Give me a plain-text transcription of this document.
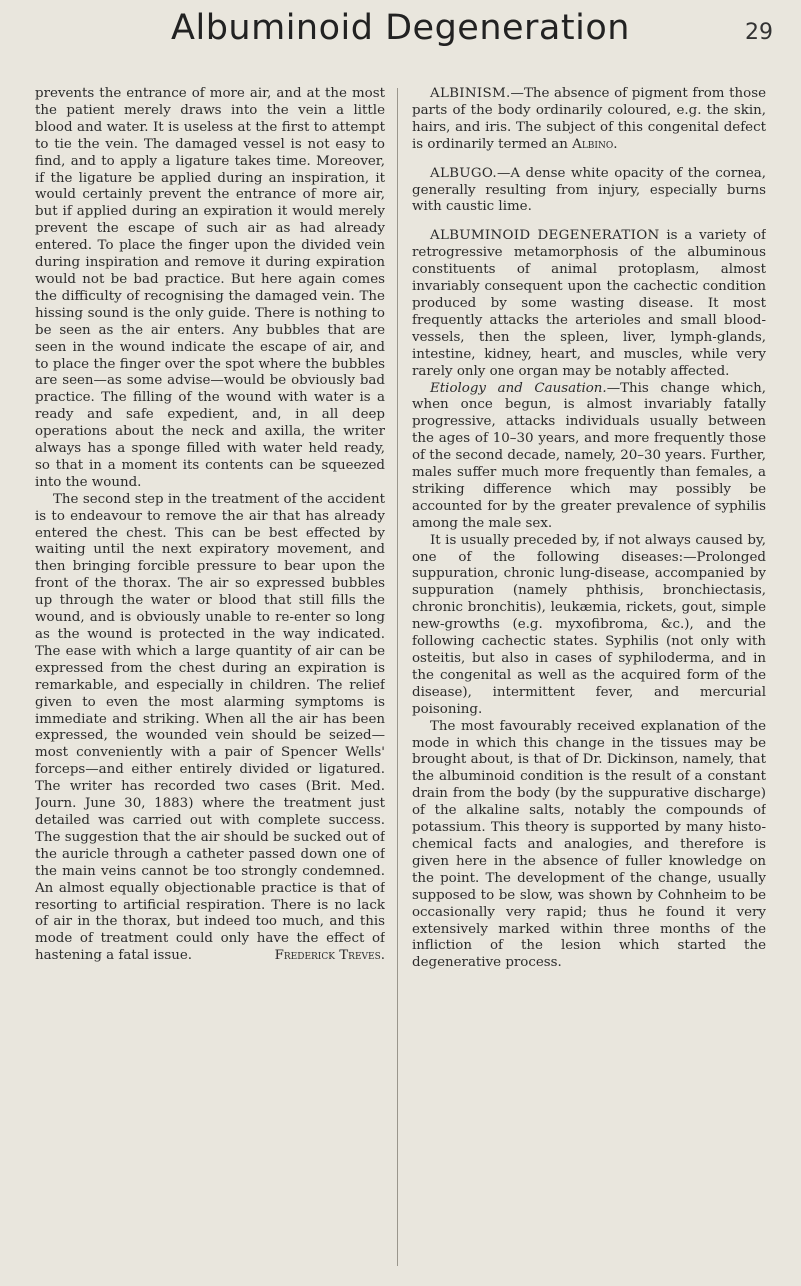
Albuminoid Degeneration	29

prevents the entrance of more air, and at the most the patient merely draws into the vein a little blood and water. It is useless at the first to attempt to tie the vein. The damaged vessel is not easy to find, and to apply a ligature takes time. Moreover, if the ligature be applied during an inspiration, it would certainly prevent the entrance of more air, but if applied during an expiration it would merely prevent the escape of such air as had already entered. To place the finger upon the divided vein during inspiration and remove it during expiration would not be bad practice. But here again comes the difficulty of recognising the damaged vein. The hissing sound is the only guide. There is nothing to be seen as the air enters. Any bubbles that are seen in the wound indicate the escape of air, and to place the finger over the spot where the bubbles are seen—as some advise—would be obviously bad practice. The filling of the wound with water is a ready and safe expedient, and, in all deep operations about the neck and axilla, the writer always has a sponge filled with water held ready, so that in a moment its contents can be squeezed into the wound.

The second step in the treatment of the accident is to endeavour to remove the air that has already entered the chest. This can be best effected by waiting until the next expiratory movement, and then bringing forcible pressure to bear upon the front of the thorax. The air so expressed bubbles up through the water or blood that still fills the wound, and is obviously unable to re-enter so long as the wound is protected in the way indicated. The ease with which a large quantity of air can be expressed from the chest during an expiration is remarkable, and especially in children. The relief given to even the most alarming symptoms is immediate and striking. When all the air has been expressed, the wounded vein should be seized—most conveniently with a pair of Spencer Wells' forceps—and either entirely divided or ligatured. The writer has recorded two cases (Brit. Med. Journ. June 30, 1883) where the treatment just detailed was carried out with complete success. The suggestion that the air should be sucked out of the auricle through a catheter passed down one of the main veins cannot be too strongly condemned. An almost equally objectionable practice is that of resorting to artificial respiration. There is no lack of air in the thorax, but indeed too much, and this mode of treatment could only have the effect of hastening a fatal issue.	Frederick Treves.

ALBINISM.—The absence of pigment from those parts of the body ordinarily coloured, e.g. the skin, hairs, and iris. The subject of this congenital defect is ordinarily termed an Albino.

ALBUGO.—A dense white opacity of the cornea, generally resulting from injury, especially burns with caustic lime.

ALBUMINOID DEGENERATION is a variety of retrogressive metamorphosis of the albuminous constituents of animal protoplasm, almost invariably consequent upon the cachectic condition produced by some wasting disease. It most frequently attacks the arterioles and small blood-vessels, then the spleen, liver, lymph-glands, intestine, kidney, heart, and muscles, while very rarely only one organ may be notably affected.

Etiology and Causation.—This change which, when once begun, is almost invariably fatally progressive, attacks individuals usually between the ages of 10–30 years, and more frequently those of the second decade, namely, 20–30 years. Further, males suffer much more frequently than females, a striking difference which may possibly be accounted for by the greater prevalence of syphilis among the male sex.

It is usually preceded by, if not always caused by, one of the following diseases:—Prolonged suppuration, chronic lung-disease, accompanied by suppuration (namely phthisis, bronchiectasis, chronic bronchitis), leukæmia, rickets, gout, simple new-growths (e.g. myxofibroma, &c.), and the following cachectic states. Syphilis (not only with osteitis, but also in cases of syphiloderma, and in the congenital as well as the acquired form of the disease), intermittent fever, and mercurial poisoning.

The most favourably received explanation of the mode in which this change in the tissues may be brought about, is that of Dr. Dickinson, namely, that the albuminoid condition is the result of a constant drain from the body (by the suppurative discharge) of the alkaline salts, notably the compounds of potassium. This theory is supported by many histo-chemical facts and analogies, and therefore is given here in the absence of fuller knowledge on the point. The development of the change, usually supposed to be slow, was shown by Cohnheim to be occasionally very rapid; thus he found it very extensively marked within three months of the infliction of the lesion which started the degenerative process.
